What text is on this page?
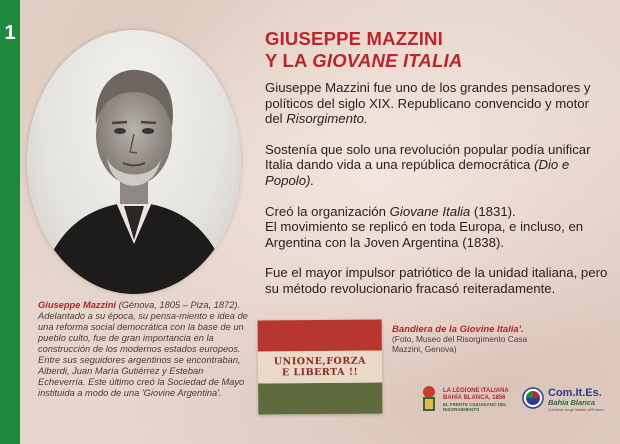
1
Giuseppe Mazzini (Génova, 1805 – Piza, 1872). Adelantado a su época, su pensa-miento e idea de una reforma social democrática con la base de un pueblo culto, fue de gran importancia en la construcción de los modernos estados europeos. Entre sus seguidores argentinos se encontraban, Alberdi, Juan María Gutiérrez y Esteban Echeverría. Este último creó la Sociedad de Mayo instituida a modo de una 'Giovine Argentina'.
GIUSEPPE MAZZINI
Y LA GIOVANE ITALIA

Giuseppe Mazzini fue uno de los grandes pensadores y políticos del siglo XIX. Republicano convencido y motor del Risorgimento.

Sostenía que solo una revolución popular podía unificar Italia dando vida a una república democrática (Dio e Popolo).

Creó la organización Giovane Italia (1831).
El movimiento se replicó en toda Europa, e incluso, en Argentina con la Joven Argentina (1838).

Fue el mayor impulsor patriótico de la unidad italiana, pero su método revolucionario fracasó reiteradamente.

UNIONE,FORZA
E LIBERTA !!
Bandiera de la Giovine Italia'.
(Foto, Museo del Risorgimento Casa Mazzini, Genova)
LA LEGIONE ITALIANA
BAHÍA BLANCA, 1856
EL FRENTE CIUDADANO DEL RISORGIMIENTO
Com.It.Es.
Bahía Blanca
Comitato degli Italiani all'Estero
